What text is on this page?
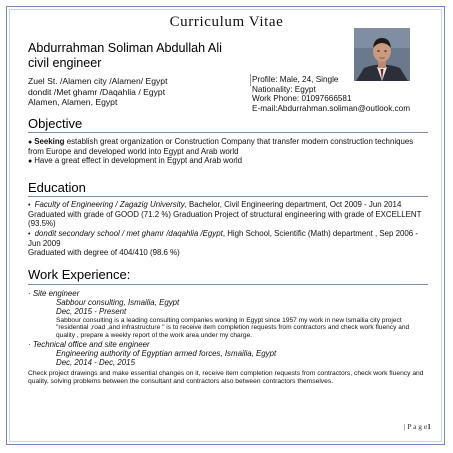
Curriculum Vitae
Abdurrahman Soliman Abdullah Ali
civil engineer
Zuel St. /Alamen city /Alamen/ Egypt
dondit /Met ghamr /Daqahlia / Egypt
Alamen, Alamen, Egypt
Profile: Male, 24, Single
Nationality: Egypt
Work Phone: 01097666581
E-mail:Abdurrahman.soliman@outlook.com
Objective
● Seeking establish great organization or Construction Company that transfer modern construction techniques from Europe and developed world into Egypt and Arab world
● Have a great effect in development in Egypt and Arab world
Education
• Faculty of Engineering / Zagazig University, Bachelor, Civil Engineering department, Oct 2009 - Jun 2014
Graduated with grade of GOOD (71.2 %) Graduation Project of structural engineering with grade of EXCELLENT (93.5%)
• dondit secondary school / met ghamr /daqahlia /Egypt, High School, Scientific (Math) department , Sep 2006 - Jun 2009
Graduated with degree of 404/410 (98.6 %)
Work Experience:
· Site engineer
Sabbour consulting, Ismailia, Egypt
Dec, 2015 - Present
Sabbour consulting is a leading consulting companies working in Egypt since 1957 my work in new Ismailia city project "residential ,road ,and infrastructure " is to receive item completion requests from contractors and check work fluency and quality , prepare a weekly report of the work area under my charge.
· Technical office and site engineer
Engineering authority of Egyptian armed forces, Ismailia, Egypt
Dec, 2014 - Dec, 2015
Check project drawings and make essential changes on it, receive item completion requests from contractors, check work fluency and quality, solving problems between the consultant and contractors also between contractors themselves.
| P a g e1
